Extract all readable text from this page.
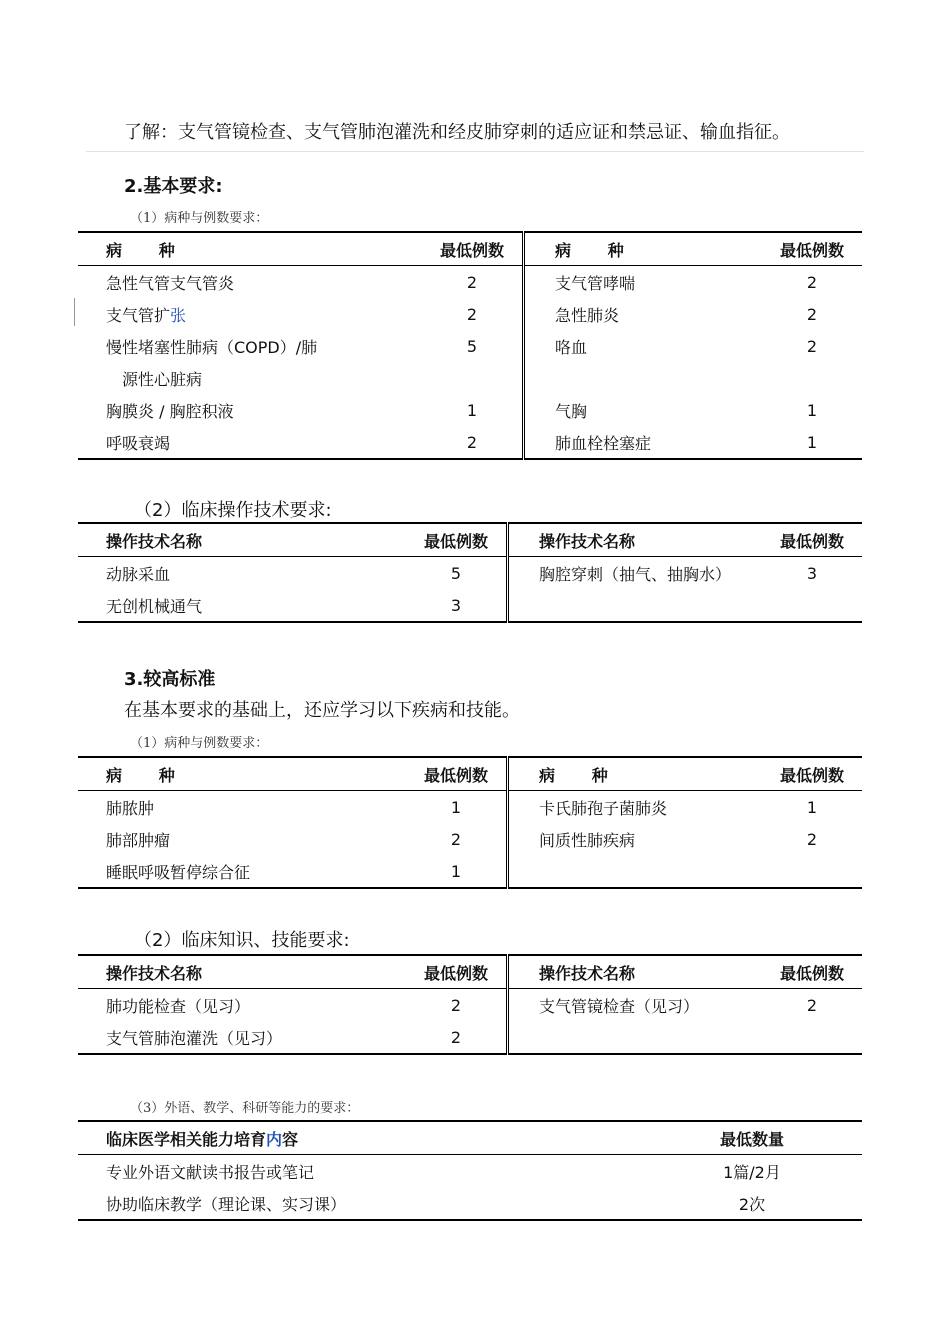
了解：支气管镜检查、支气管肺泡灌洗和经皮肺穿刺的适应证和禁忌证、输血指征。
2.基本要求:
（1）病种与例数要求：
病　　种	最低例数	病　　种	最低例数
急性气管支气管炎	2	支气管哮喘	2
支气管扩张	2	急性肺炎	2
慢性堵塞性肺病（COPD）/肺	5	咯血	2
源性心脏病			
胸膜炎 / 胸腔积液	1	气胸	1
呼吸衰竭	2	肺血栓栓塞症	1
（2）临床操作技术要求:
操作技术名称	最低例数	操作技术名称	最低例数
动脉采血	5	胸腔穿刺（抽气、抽胸水）	3
无创机械通气	3		
3.较高标准
在基本要求的基础上，还应学习以下疾病和技能。
（1）病种与例数要求：
病　　种	最低例数	病　　种	最低例数
肺脓肿	1	卡氏肺孢子菌肺炎	1
肺部肿瘤	2	间质性肺疾病	2
睡眠呼吸暂停综合征	1		
（2）临床知识、技能要求:
操作技术名称	最低例数	操作技术名称	最低例数
肺功能检查（见习）	2	支气管镜检查（见习）	2
支气管肺泡灌洗（见习）	2		
（3）外语、教学、科研等能力的要求：
临床医学相关能力培育内容	最低数量
专业外语文献读书报告或笔记	1篇/2月
协助临床教学（理论课、实习课）	2次
